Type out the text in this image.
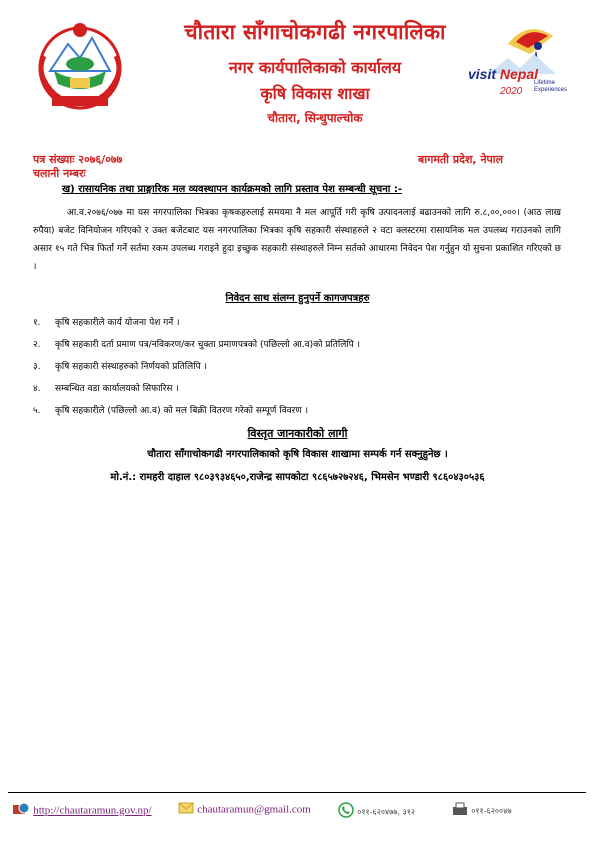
चौतारा साँगाचोकगढी नगरपालिका
नगर कार्यपालिकाको कार्यालय
कृषि विकास शाखा
चौतारा, सिन्धुपाल्चोक
visit Nepal
2020
Lifetime
Experiences
पत्र संख्याः २०७६/०७७
चलानी नम्बरः
बागमती प्रदेश, नेपाल
ख) रासायनिक तथा प्राङ्गारिक मल व्यवस्थापन कार्यक्रमको लागि प्रस्ताव पेश सम्बन्धी सूचना :-
आ.व.२०७६/०७७ मा यस नगरपालिका भित्रका कृषकहरुलाई समयमा नै मल आपूर्ति गरी कृषि उत्पादनलाई बढाउनको लागि रु.८,००,०००। (आठ लाख रुपैया) बजेट विनियोजन गरिएको र उक्त बजेटबाट यस नगरपालिका भित्रका कृषि सहकारी संस्थाहरुले २ वटा क्लस्टरमा रासायनिक मल उपलब्ध गराउनको लागि असार १५ गते भित्र फिर्ता गर्ने सर्तमा रकम उपलब्ध गराइने हुदा इच्छुक सहकारी संस्थाहरुले निम्न सर्तको आधारमा निवेदन पेश गर्नुहुन यो सुचना प्रकाशित गरिएको छ ।
निवेदन साथ संलग्न हुनुपर्ने कागजपत्रहरु
१. कृषि सहकारीले कार्य योजना पेश गर्ने ।
२. कृषि सहकारी दर्ता प्रमाण पत्र/नविकरण/कर चुक्ता प्रमाणपत्रको (पछिल्लो आ.व)को प्रतिलिपि ।
३. कृषि सहकारी संस्थाहरुको निर्णयको प्रतिलिपि ।
४. सम्बन्धित वडा कार्यालयको सिफारिस ।
५. कृषि सहकारीले (पछिल्लो आ.व) को मल बिक्री वितरण गरेको सम्पूर्ण विवरण ।
विस्तृत जानकारीको लागी
चौतारा साँगाचोकगढी नगरपालिकाको कृषि विकास शाखामा सम्पर्क गर्न सक्नुहुनेछ ।
मो.नं.: रामहरी दाहाल ९८०३९३४६५०,राजेन्द्र सापकोटा ९८६५७२७२४६, भिमसेन भण्डारी ९८६०४३०५३६
http://chautaramun.gov.np/	chautaramun@gmail.com	०११-६२०४७७, ३१२	०११-६२००४७
